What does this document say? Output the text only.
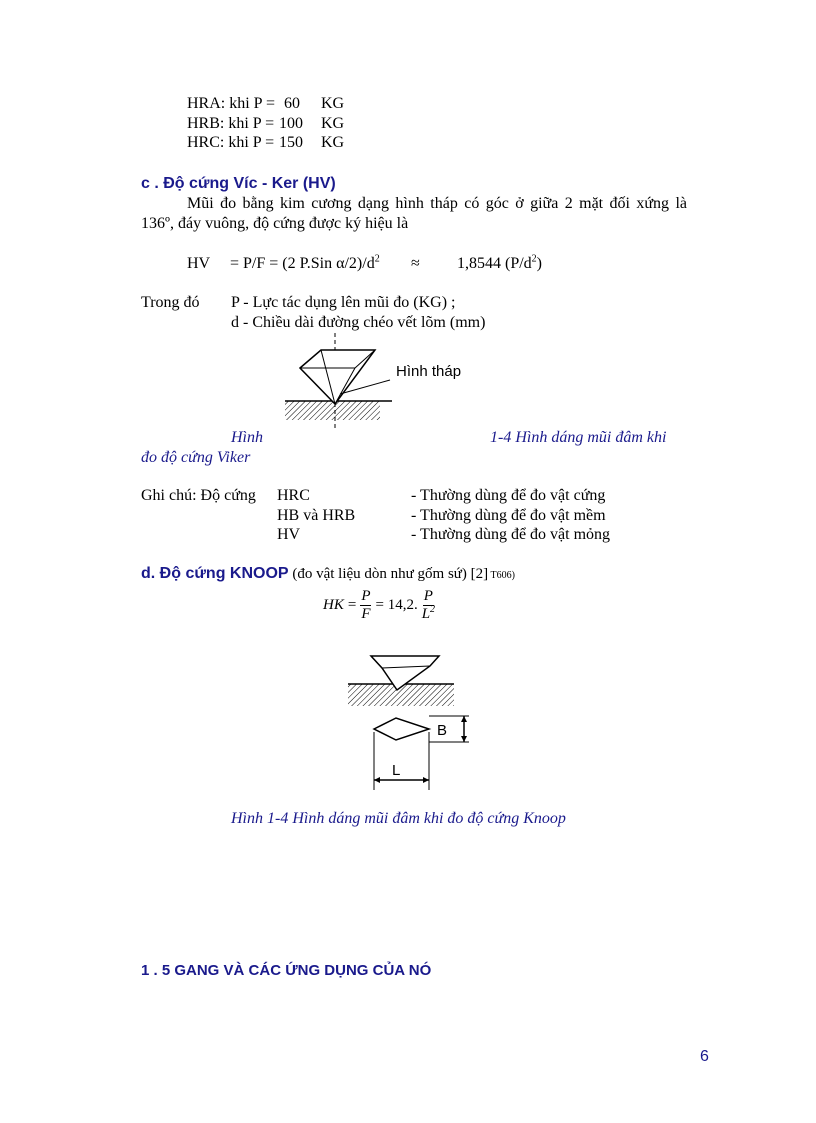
HRA: khi P = 60 KG
HRB: khi P = 100 KG
HRC: khi P = 150 KG
c . Độ cứng Víc - Ker (HV)
Mũi đo bằng kim cương dạng hình tháp có góc ở giữa 2 mặt đối xứng là
136º, đáy vuông, độ cứng được ký hiệu là
HV = P/F = (2 P.Sin $\alpha/2)/d^2 \approx 1,8544$ $(P/d^2)$
Trong đó P - Lực tác dụng lên mũi đo (KG) ;
d - Chiều dài đường chéo vết lõm (mm)
Hình tháp
Hình	1-4 Hình dáng mũi đâm khi
đo độ cứng Viker
Ghi chú: Độ cứng HRC	- Thường dùng để đo vật cứng
HB và HRB	- Thường dùng để đo vật mềm
HV	- Thường dùng để đo vật mỏng
d. Độ cứng KNOOP (đo vật liệu dòn như gốm sứ) [2] T606)
HK = $\frac{P}{F} = 14,2$. $\frac{P}{L^2}$
B
L
Hình 1-4 Hình dáng mũi đâm khi đo độ cứng Knoop
1 . 5 GANG VÀ CÁC ỨNG DỤNG CỦA NÓ
6
